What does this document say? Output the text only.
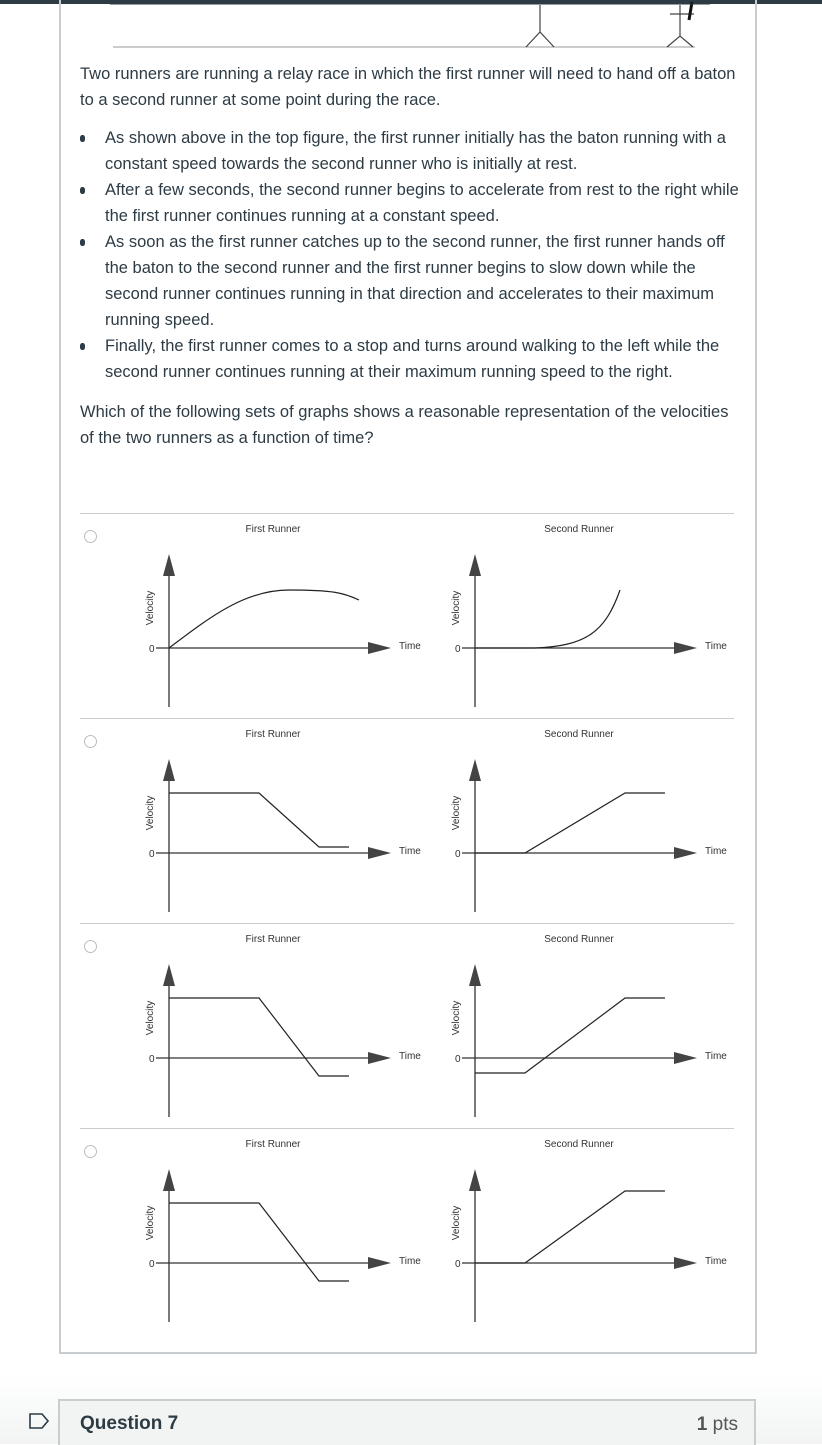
Two runners are running a relay race in which the first runner will need to hand off a baton to a second runner at some point during the race.

As shown above in the top figure, the first runner initially has the baton running with a constant speed towards the second runner who is initially at rest.
After a few seconds, the second runner begins to accelerate from rest to the right while the first runner continues running at a constant speed.
As soon as the first runner catches up to the second runner, the first runner hands off the baton to the second runner and the first runner begins to slow down while the second runner continues running in that direction and accelerates to their maximum running speed.
Finally, the first runner comes to a stop and turns around walking to the left while the second runner continues running at their maximum running speed to the right.

Which of the following sets of graphs shows a reasonable representation of the velocities of the two runners as a function of time?

First Runner
Velocity
0	Time
Second Runner
Velocity
0	Time
First Runner
Velocity
0	Time
Second Runner
Velocity
0	Time
First Runner
Velocity
0	Time
Second Runner
Velocity
0	Time
First Runner
Velocity
0	Time
Second Runner
Velocity
0	Time
Question 7	1 pts
